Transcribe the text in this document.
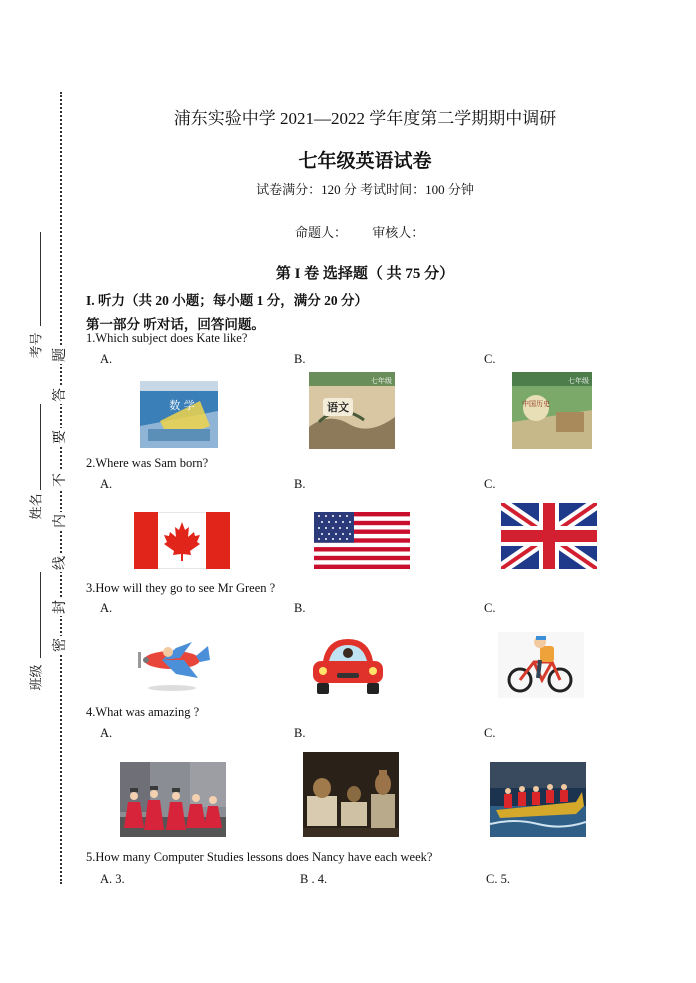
题
答
要
不
内
线
封
密
考号
姓名
班级
浦东实验中学 2021—2022 学年度第二学期期中调研
七年级英语试卷
试卷满分：120 分 考试时间：100 分钟
命题人： 审核人：
第 I 卷 选择题（ 共 75 分）
I. 听力（共 20 小题；每小题 1 分，满分 20 分）
第一部分 听对话，回答问题。
1.Which subject does Kate like?
A.	B.	C.
数 学
七年级
语文
七年级
中国历史
2.Where was Sam born?
A.	B.	C.
3.How will they go to see Mr Green ?
A.	B.	C.
4.What was amazing ?
A.	B.	C.
5.How many Computer Studies lessons does Nancy have each week?
A. 3.	B . 4.	C. 5.
